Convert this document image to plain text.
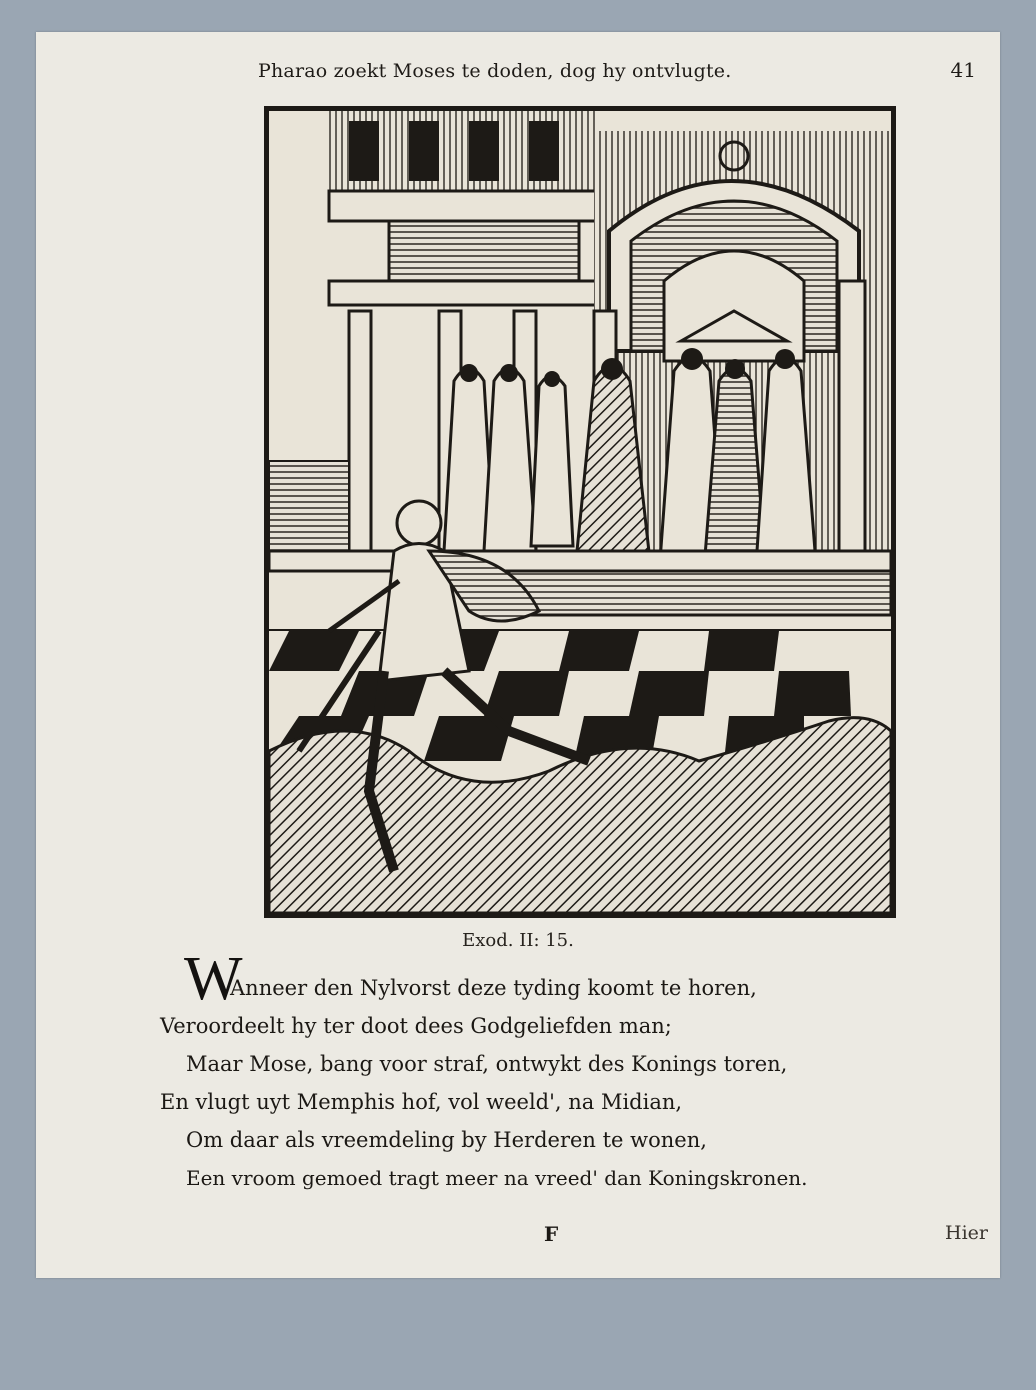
Pharao zoekt Moses te doden, dog hy ontvlugte.	41
Exod. II: 15.
W
Anneer den Nylvorst deze tyding koomt te horen,
Veroordeelt hy ter doot dees Godgeliefden man;
Maar Mose, bang voor straf, ontwykt des Konings toren,
En vlugt uyt Memphis hof, vol weeld', na Midian,
Om daar als vreemdeling by Herderen te wonen,
Een vroom gemoed tragt meer na vreed' dan Koningskronen.
F	Hier
